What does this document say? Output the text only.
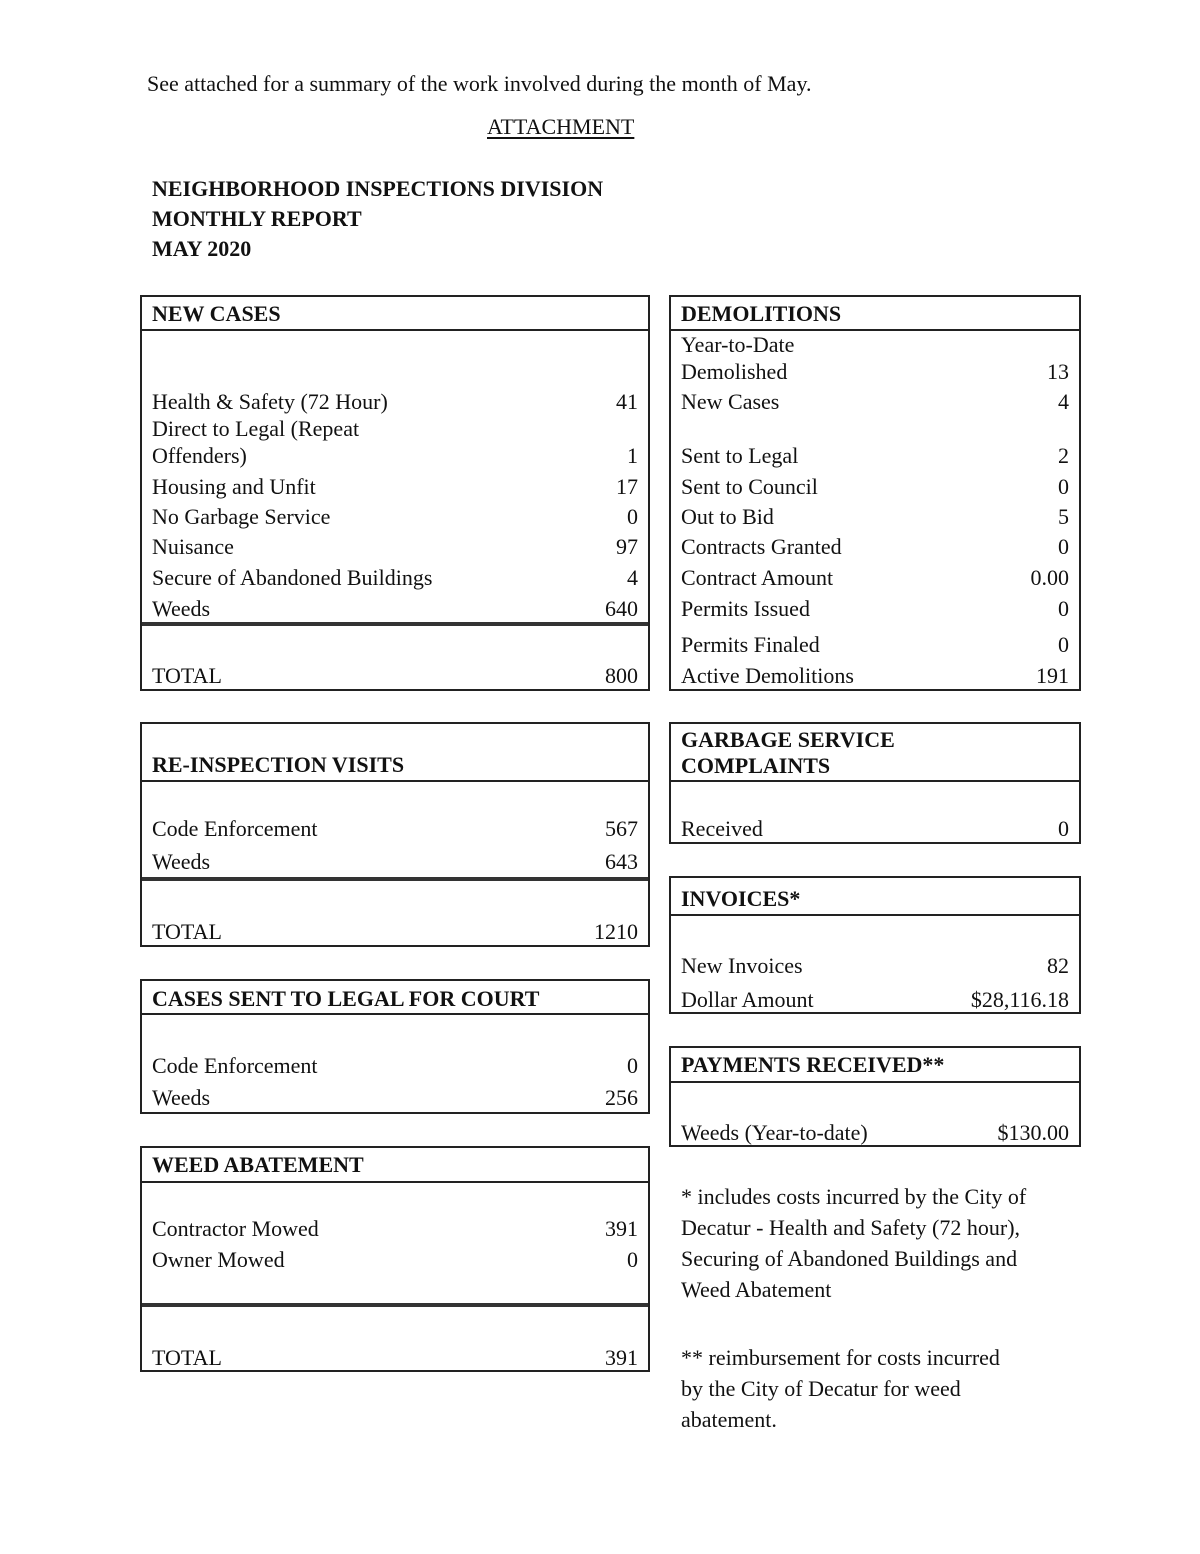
See attached for a summary of the work involved during the month of May.
ATTACHMENT
NEIGHBORHOOD INSPECTIONS DIVISION
MONTHLY REPORT
MAY 2020
NEW CASES
Health & Safety (72 Hour)	41
Direct to Legal (Repeat
Offenders)	1
Housing and Unfit	17
No Garbage Service	0
Nuisance	97
Secure of Abandoned Buildings	4
Weeds	640
TOTAL	800
DEMOLITIONS
Year-to-Date
Demolished	13
New Cases	4
Sent to Legal	2
Sent to Council	0
Out to Bid	5
Contracts Granted	0
Contract Amount	0.00
Permits Issued	0
Permits Finaled	0
Active Demolitions	191
RE-INSPECTION VISITS
Code Enforcement	567
Weeds	643
TOTAL	1210
GARBAGE SERVICE
COMPLAINTS
Received	0
INVOICES*
New Invoices	82
Dollar Amount	$28,116.18
CASES SENT TO LEGAL FOR COURT
Code Enforcement	0
Weeds	256
PAYMENTS RECEIVED**
Weeds (Year-to-date)	$130.00
WEED ABATEMENT
Contractor Mowed	391
Owner Mowed	0
TOTAL	391
* includes costs incurred by the City of
Decatur - Health and Safety (72 hour),
Securing of Abandoned Buildings and
Weed Abatement
** reimbursement for costs incurred
by the City of Decatur for weed
abatement.
